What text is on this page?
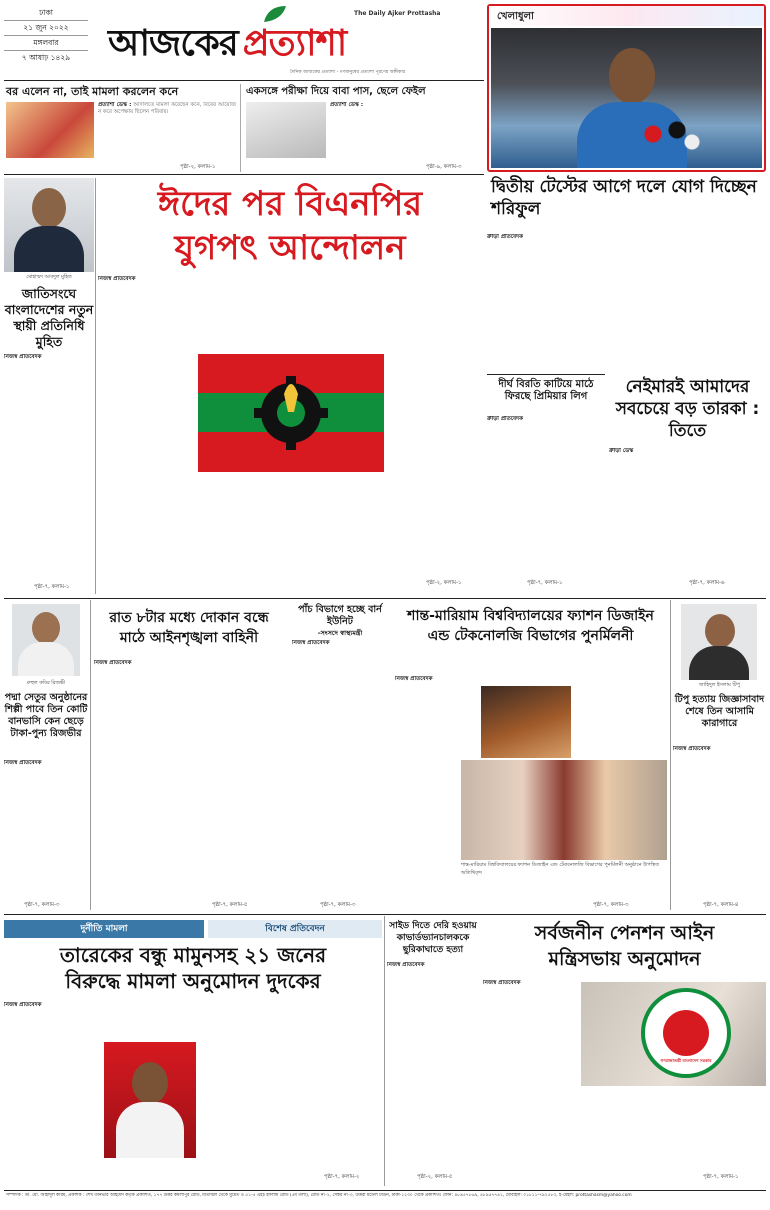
ঢাকা
২১ জুন ২০২২
মঙ্গলবার
৭ আষাঢ় ১৪২৯
The Daily Ajker Prottasha
আজকের প্রত্যাশা
দৈনিক আজকের প্রত্যাশা - গণমানুষের প্রত্যাশা পূরণের অঙ্গীকার
বর এলেন না, তাই মামলা করলেন কনে
প্রত্যাশা ডেস্ক : আদালতে মামলা করেছেন কনে, বিয়ের আয়োজন করে অপেক্ষায় ছিলেন পরিবার।
পৃষ্ঠা-২, কলাম-১
একসঙ্গে পরীক্ষা দিয়ে বাবা পাস, ছেলে ফেইল
প্রত্যাশা ডেস্ক :
পৃষ্ঠা-৯, কলাম-৩
খেলাধুলা
দ্বিতীয় টেস্টের আগে দলে যোগ দিচ্ছেন শরিফুল
ক্রীড়া প্রতিবেদক
ঈদের পর বিএনপির
যুগপৎ আন্দোলন
নিজস্ব প্রতিবেদক
পৃষ্ঠা-২, কলাম-১
মোহাম্মদ আবদুল মুহিত
জাতিসংঘে বাংলাদেশের নতুন স্থায়ী প্রতিনিধি মুহিত
নিজস্ব প্রতিবেদক
পৃষ্ঠা-৭, কলাম-১
দীর্ঘ বিরতি কাটিয়ে মাঠে ফিরছে প্রিমিয়ার লিগ
ক্রীড়া প্রতিবেদক
পৃষ্ঠা-৭, কলাম-১
নেইমারই আমাদের সবচেয়ে বড় তারকা : তিতে
ক্রীড়া ডেস্ক
পৃষ্ঠা-৭, কলাম-৬
রুহুল কবির রিজভী
পদ্মা সেতুর অনুষ্ঠানের শিল্পী পাবে তিন কোটি বানভাসি কেন ছেড়ে টাকা-পুন্য রিজভীর
নিজস্ব প্রতিবেদক
পৃষ্ঠা-৭, কলাম-৩
রাত ৮টার মধ্যে দোকান বন্ধে মাঠে আইনশৃঙ্খলা বাহিনী
নিজস্ব প্রতিবেদক
পৃষ্ঠা-৭, কলাম-৫
পাঁচ বিভাগে হচ্ছে বার্ন ইউনিট
-সংসদে স্বাস্থ্যমন্ত্রী
নিজস্ব প্রতিবেদক
পৃষ্ঠা-৭, কলাম-৩
শান্ত-মারিয়াম বিশ্ববিদ্যালয়ের ফ্যাশন ডিজাইন এন্ড টেকনোলজি বিভাগের পুনর্মিলনী
নিজস্ব প্রতিবেদক
শান্ত-মারিয়াম বিশ্ববিদ্যালয়ের ফ্যাশন ডিজাইন এন্ড টেকনোলজি বিভাগের পুনর্মিলনী অনুষ্ঠানে উপস্থিত অতিথিবৃন্দ
পৃষ্ঠা-৭, কলাম-৩
জাহিদুল ইসলাম টিপু
টিপু হত্যায় জিজ্ঞাসাবাদ শেষে তিন আসামি কারাগারে
নিজস্ব প্রতিবেদক
পৃষ্ঠা-৭, কলাম-৪
দুর্নীতি মামলা	বিশেষ প্রতিবেদন
তারেকের বন্ধু মামুনসহ ২১ জনের
বিরুদ্ধে মামলা অনুমোদন দুদকের
নিজস্ব প্রতিবেদক
পৃষ্ঠা-৭, কলাম-২
সাইড দিতে দেরি হওয়ায় কাভার্ডভ্যানচালককে ছুরিকাঘাতে হত্যা
নিজস্ব প্রতিবেদক
পৃষ্ঠা-২, কলাম-৫
সর্বজনীন পেনশন আইন
মন্ত্রিসভায় অনুমোদন
নিজস্ব প্রতিবেদক
গণপ্রজাতন্ত্রী বাংলাদেশ সরকার
পৃষ্ঠা-৭, কলাম-১
সম্পাদক : ডা. মো. আহাদুল করিম, প্রকাশক : শেখ তানভীর আহমেদ কর্তৃক প্রকাশিত, ১৭৭ উত্তর কমলাপুর রোড, মতিঝিল থেকে মুদ্রিত ও ৫১-৫ এইচ ইসলাম রোড (৫ম তলা), রোড নং-২, সেক্টর নং-৩, উত্তরা মডেল টাউন, ঢাকা-১২৩০ থেকে প্রকাশিত। ফোন: ৪৮৯৫৭৮৬৯, ৪৮৯৫৭৭৪১, মোবাইল: ০১৮১১-৭৯২৫৮৩, ই-মেইল: prottashasm@yahoo.com
